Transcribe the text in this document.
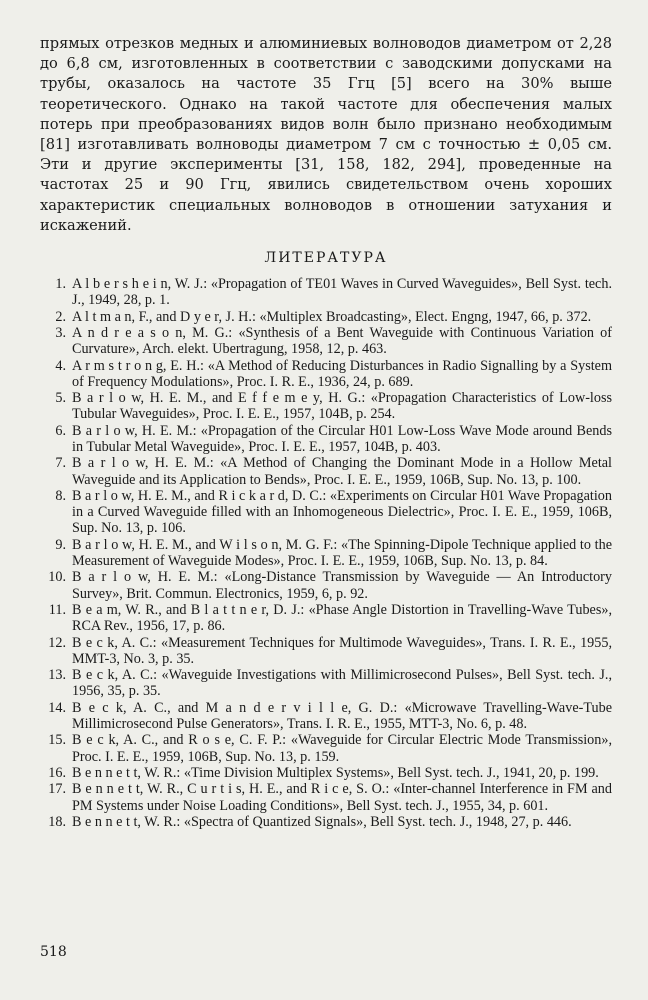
прямых отрезков медных и алюминиевых волноводов диаметром от 2,28 до 6,8 см, изготовленных в соответствии с заводскими допусками на трубы, оказалось на частоте 35 Ггц [5] всего на 30% выше теоретического. Однако на такой частоте для обеспечения малых потерь при преобразованиях видов волн было признано необходимым [81] изготавливать волноводы диаметром 7 см с точностью ± 0,05 см. Эти и другие эксперименты [31, 158, 182, 294], проведенные на частотах 25 и 90 Ггц, явились свидетельством очень хороших характеристик специальных волноводов в отношении затухания и искажений.

ЛИТЕРАТУРА
1. A l b e r s h e i n, W. J.: «Propagation of TE01 Waves in Curved Waveguides», Bell Syst. tech. J., 1949, 28, p. 1.
2. A l t m a n, F., and D y e r, J. H.: «Multiplex Broadcasting», Elect. Engng, 1947, 66, p. 372.
3. A n d r e a s o n, M. G.: «Synthesis of a Bent Waveguide with Continuous Variation of Curvature», Arch. elekt. Ubertragung, 1958, 12, p. 463.
4. A r m s t r o n g, E. H.: «A Method of Reducing Disturbances in Radio Signalling by a System of Frequency Modulations», Proc. I. R. E., 1936, 24, p. 689.
5. B a r l o w, H. E. M., and E f f e m e y, H. G.: «Propagation Characteristics of Low-loss Tubular Waveguides», Proc. I. E. E., 1957, 104B, p. 254.
6. B a r l o w, H. E. M.: «Propagation of the Circular H01 Low-Loss Wave Mode around Bends in Tubular Metal Waveguide», Proc. I. E. E., 1957, 104B, p. 403.
7. B a r l o w, H. E. M.: «A Method of Changing the Dominant Mode in a Hollow Metal Waveguide and its Application to Bends», Proc. I. E. E., 1959, 106B, Sup. No. 13, p. 100.
8. B a r l o w, H. E. M., and R i c k a r d, D. C.: «Experiments on Circular H01 Wave Propagation in a Curved Waveguide filled with an Inhomogeneous Dielectric», Proc. I. E. E., 1959, 106B, Sup. No. 13, p. 106.
9. B a r l o w, H. E. M., and W i l s o n, M. G. F.: «The Spinning-Dipole Technique applied to the Measurement of Waveguide Modes», Proc. I. E. E., 1959, 106B, Sup. No. 13, p. 84.
10. B a r l o w, H. E. M.: «Long-Distance Transmission by Waveguide — An Introductory Survey», Brit. Commun. Electronics, 1959, 6, p. 92.
11. B e a m, W. R., and B l a t t n e r, D. J.: «Phase Angle Distortion in Travelling-Wave Tubes», RCA Rev., 1956, 17, p. 86.
12. B e c k, A. C.: «Measurement Techniques for Multimode Waveguides», Trans. I. R. E., 1955, MMT-3, No. 3, p. 35.
13. B e c k, A. C.: «Waveguide Investigations with Millimicrosecond Pulses», Bell Syst. tech. J., 1956, 35, p. 35.
14. B e c k, A. C., and M a n d e r v i l l e, G. D.: «Microwave Travelling-Wave-Tube Millimicrosecond Pulse Generators», Trans. I. R. E., 1955, MTT-3, No. 6, p. 48.
15. B e c k, A. C., and R o s e, C. F. P.: «Waveguide for Circular Electric Mode Transmission», Proc. I. E. E., 1959, 106B, Sup. No. 13, p. 159.
16. B e n n e t t, W. R.: «Time Division Multiplex Systems», Bell Syst. tech. J., 1941, 20, p. 199.
17. B e n n e t t, W. R., C u r t i s, H. E., and R i c e, S. O.: «Inter-channel Interference in FM and PM Systems under Noise Loading Conditions», Bell Syst. tech. J., 1955, 34, p. 601.
18. B e n n e t t, W. R.: «Spectra of Quantized Signals», Bell Syst. tech. J., 1948, 27, p. 446.
518
